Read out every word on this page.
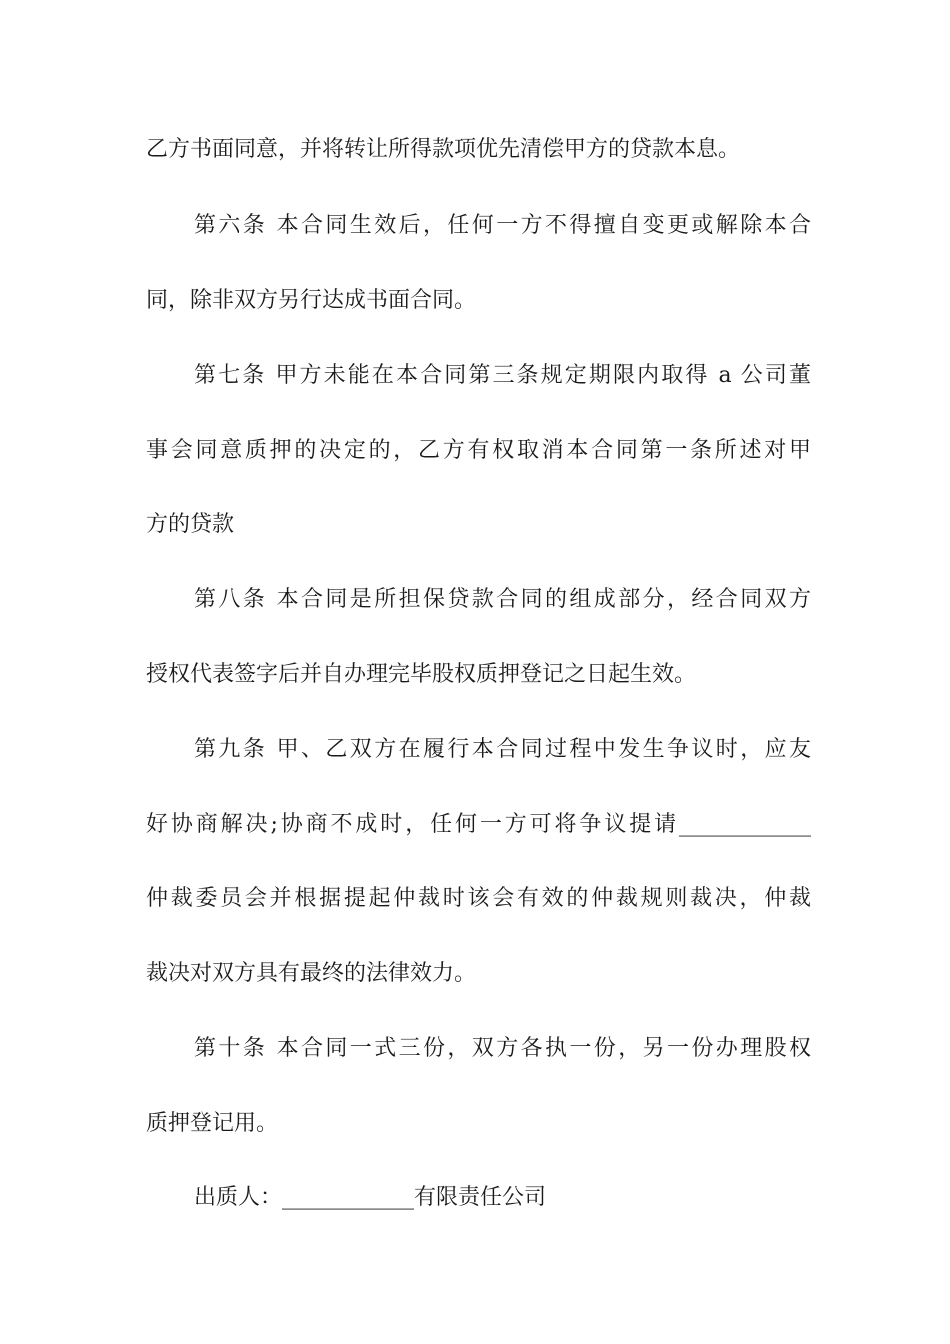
乙方书面同意，并将转让所得款项优先清偿甲方的贷款本息。
第六条 本合同生效后，任何一方不得擅自变更或解除本合
同，除非双方另行达成书面合同。
第七条 甲方未能在本合同第三条规定期限内取得 a 公司董
事会同意质押的决定的，乙方有权取消本合同第一条所述对甲
方的贷款
第八条 本合同是所担保贷款合同的组成部分，经合同双方
授权代表签字后并自办理完毕股权质押登记之日起生效。
第九条 甲、乙双方在履行本合同过程中发生争议时，应友
好协商解决;协商不成时，任何一方可将争议提请____________
仲裁委员会并根据提起仲裁时该会有效的仲裁规则裁决，仲裁
裁决对双方具有最终的法律效力。
第十条 本合同一式三份，双方各执一份，另一份办理股权
质押登记用。
出质人：____________有限责任公司
